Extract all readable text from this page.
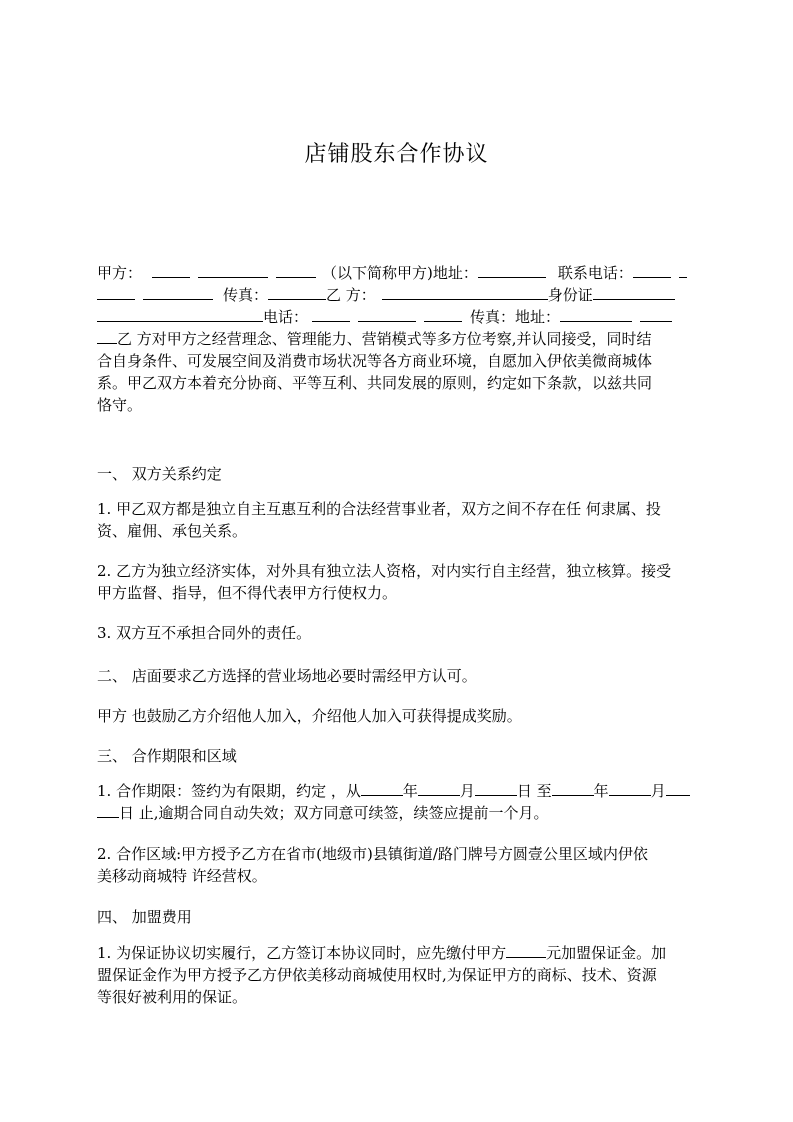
店铺股东合作协议
甲方：	（以下简称甲方)地址：	联系电话：
传真：	乙 方：	身份证
电话：	传真：地址：
乙 方对甲方之经营理念、管理能力、营销模式等多方位考察,并认同接受，同时结
合自身条件、可发展空间及消费市场状况等各方商业环境，自愿加入伊依美微商城体
系。甲乙双方本着充分协商、平等互利、共同发展的原则，约定如下条款，以兹共同
恪守。
一、 双方关系约定
1. 甲乙双方都是独立自主互惠互利的合法经营事业者，双方之间不存在任 何隶属、投
资、雇佣、承包关系。
2. 乙方为独立经济实体，对外具有独立法人资格，对内实行自主经营，独立核算。接受
甲方监督、指导，但不得代表甲方行使权力。
3. 双方互不承担合同外的责任。
二、 店面要求乙方选择的营业场地必要时需经甲方认可。
甲方 也鼓励乙方介绍他人加入，介绍他人加入可获得提成奖励。
三、 合作期限和区域
1. 合作期限：签约为有限期，约定 ，从	年	月	日 至	年	月
日 止,逾期合同自动失效；双方同意可续签，续签应提前一个月。
2. 合作区域:甲方授予乙方在省市(地级市)县镇街道/路门牌号方圆壹公里区域内伊依
美移动商城特 许经营权。
四、 加盟费用
1. 为保证协议切实履行，乙方签订本协议同时，应先缴付甲方	元加盟保证金。加
盟保证金作为甲方授予乙方伊依美移动商城使用权时,为保证甲方的商标、技术、资源
等很好被利用的保证。
